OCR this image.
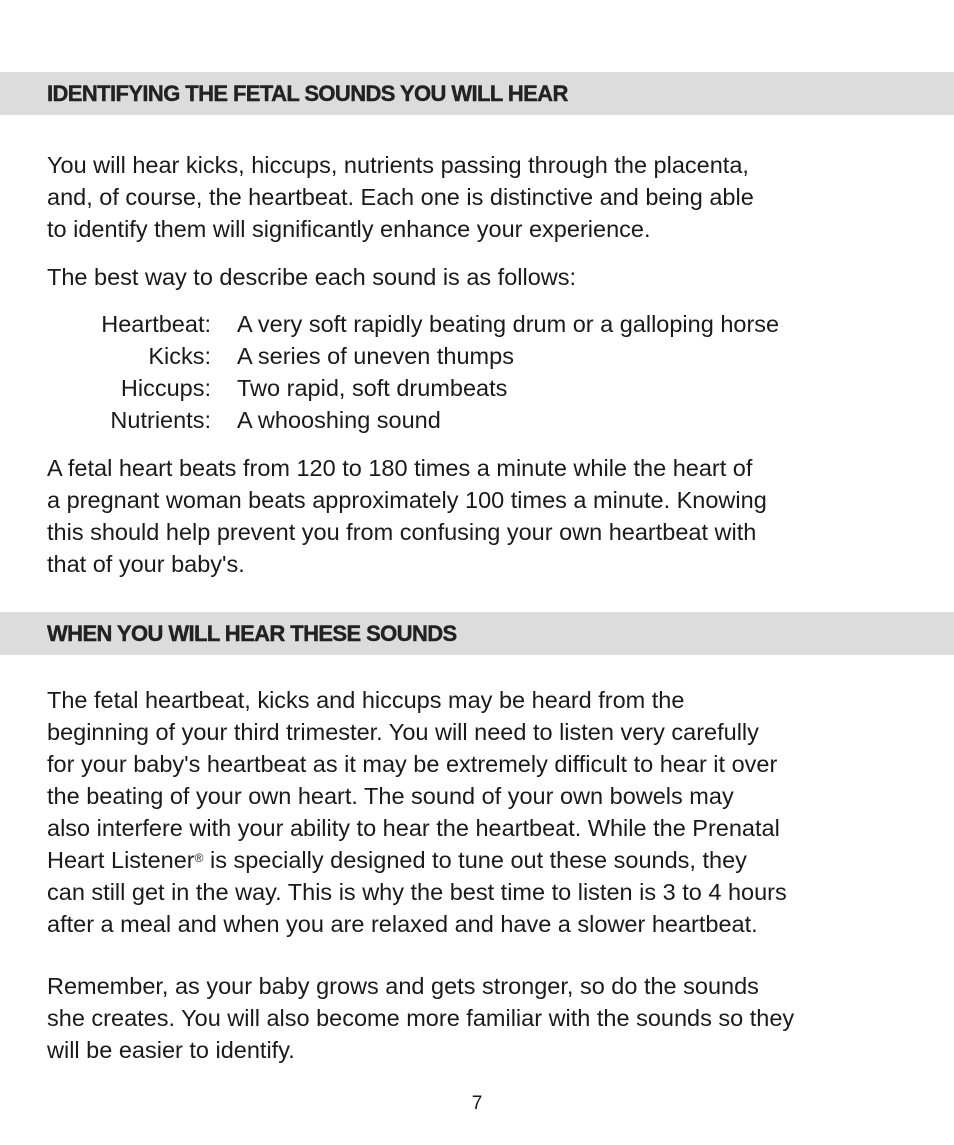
IDENTIFYING THE FETAL SOUNDS YOU WILL HEAR

You will hear kicks, hiccups, nutrients passing through the placenta,
and, of course, the heartbeat. Each one is distinctive and being able
to identify them will significantly enhance your experience.

The best way to describe each sound is as follows:

Heartbeat:	A very soft rapidly beating drum or a galloping horse
Kicks:	A series of uneven thumps
Hiccups:	Two rapid, soft drumbeats
Nutrients:	A whooshing sound

A fetal heart beats from 120 to 180 times a minute while the heart of
a pregnant woman beats approximately 100 times a minute. Knowing
this should help prevent you from confusing your own heartbeat with
that of your baby's.

WHEN YOU WILL HEAR THESE SOUNDS

The fetal heartbeat, kicks and hiccups may be heard from the
beginning of your third trimester. You will need to listen very carefully
for your baby's heartbeat as it may be extremely difficult to hear it over
the beating of your own heart. The sound of your own bowels may
also interfere with your ability to hear the heartbeat. While the Prenatal
Heart Listener® is specially designed to tune out these sounds, they
can still get in the way. This is why the best time to listen is 3 to 4 hours
after a meal and when you are relaxed and have a slower heartbeat.

Remember, as your baby grows and gets stronger, so do the sounds
she creates. You will also become more familiar with the sounds so they
will be easier to identify.

7
